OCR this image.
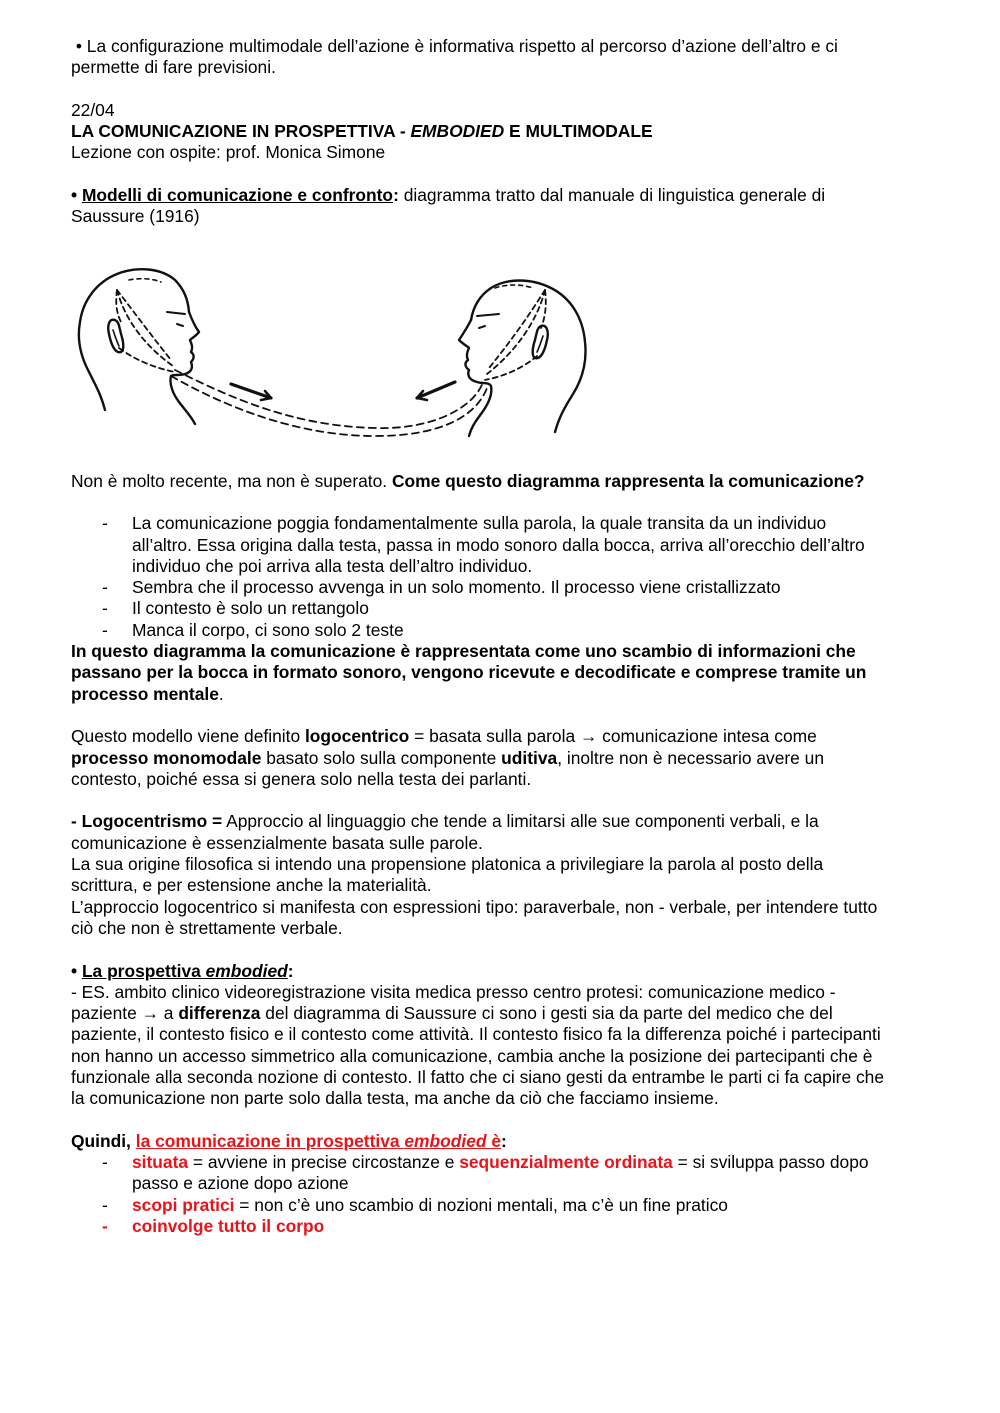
• La configurazione multimodale dell’azione è informativa rispetto al percorso d’azione dell’altro e ci permette di fare previsioni.

22/04

LA COMUNICAZIONE IN PROSPETTIVA - EMBODIED E MULTIMODALE

Lezione con ospite: prof. Monica Simone

• Modelli di comunicazione e confronto: diagramma tratto dal manuale di linguistica generale di Saussure (1916)

Non è molto recente, ma non è superato. Come questo diagramma rappresenta la comunicazione?

- La comunicazione poggia fondamentalmente sulla parola, la quale transita da un individuo all’altro. Essa origina dalla testa, passa in modo sonoro dalla bocca, arriva all’orecchio dell’altro individuo che poi arriva alla testa dell’altro individuo.
- Sembra che il processo avvenga in un solo momento. Il processo viene cristallizzato
- Il contesto è solo un rettangolo
- Manca il corpo, ci sono solo 2 teste

In questo diagramma la comunicazione è rappresentata come uno scambio di informazioni che passano per la bocca in formato sonoro, vengono ricevute e decodificate e comprese tramite un processo mentale.

Questo modello viene definito logocentrico = basata sulla parola → comunicazione intesa come processo monomodale basato solo sulla componente uditiva, inoltre non è necessario avere un contesto, poiché essa si genera solo nella testa dei parlanti.

- Logocentrismo = Approccio al linguaggio che tende a limitarsi alle sue componenti verbali, e la comunicazione è essenzialmente basata sulle parole.

La sua origine filosofica si intendo una propensione platonica a privilegiare la parola al posto della scrittura, e per estensione anche la materialità.

L’approccio logocentrico si manifesta con espressioni tipo: paraverbale, non - verbale, per intendere tutto ciò che non è strettamente verbale.

• La prospettiva embodied:

- ES. ambito clinico videoregistrazione visita medica presso centro protesi: comunicazione medico - paziente → a differenza del diagramma di Saussure ci sono i gesti sia da parte del medico che del paziente, il contesto fisico e il contesto come attività. Il contesto fisico fa la differenza poiché i partecipanti non hanno un accesso simmetrico alla comunicazione, cambia anche la posizione dei partecipanti che è funzionale alla seconda nozione di contesto. Il fatto che ci siano gesti da entrambe le parti ci fa capire che la comunicazione non parte solo dalla testa, ma anche da ciò che facciamo insieme.

Quindi, la comunicazione in prospettiva embodied è:

- situata = avviene in precise circostanze e sequenzialmente ordinata = si sviluppa passo dopo passo e azione dopo azione
- scopi pratici = non c’è uno scambio di nozioni mentali, ma c’è un fine pratico
- coinvolge tutto il corpo
